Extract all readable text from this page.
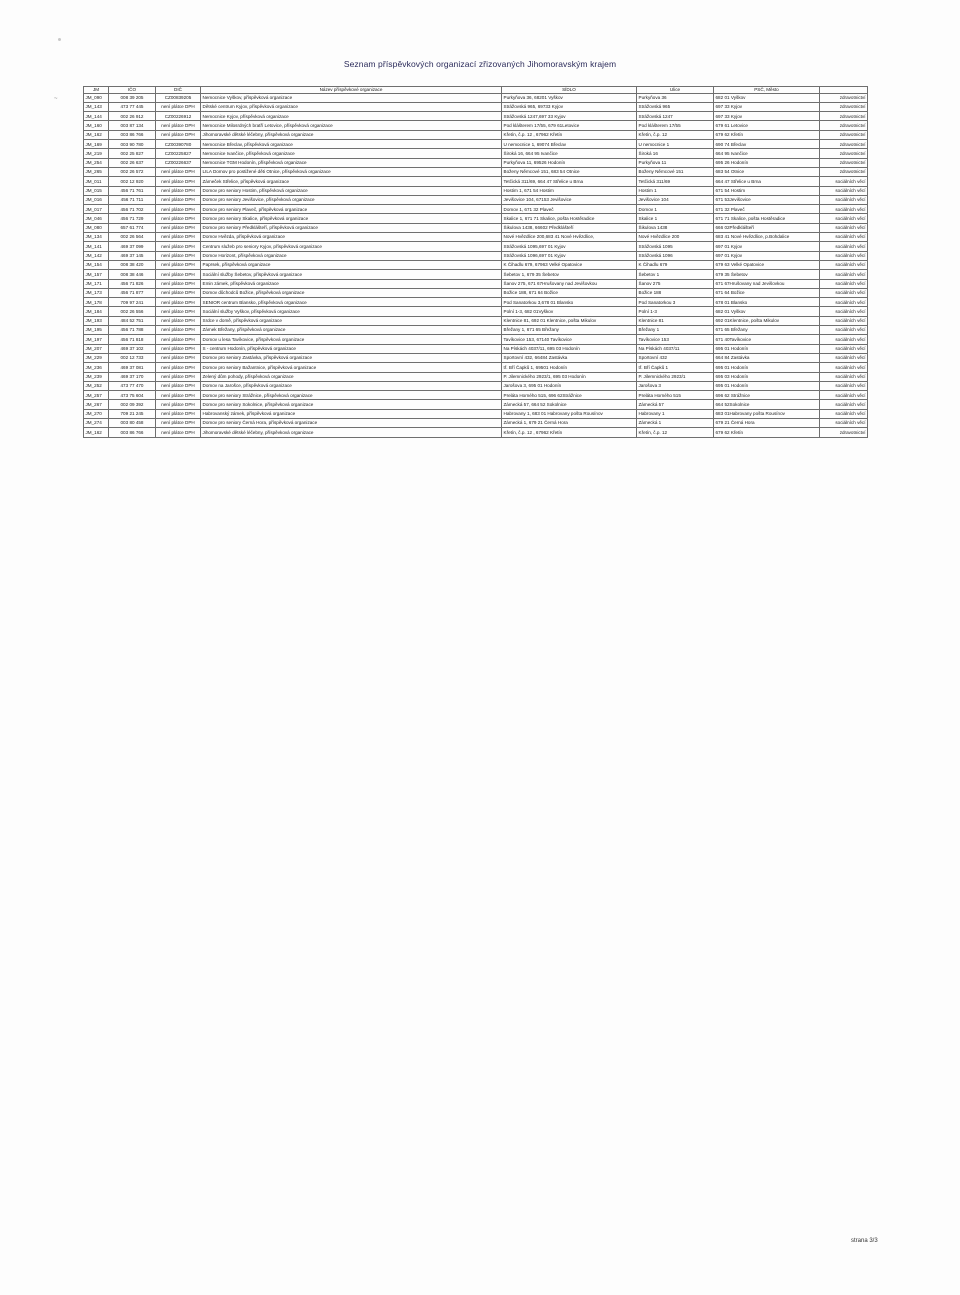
~
Seznam příspěvkových organizací zřizovaných Jihomoravským krajem
JM	IČO	DIČ	Název příspěvkové organizace	SÍDLO	Ulice	PSČ, Město	
JM_090	008 39 205	CZ00839205	Nemocnice Vyškov, příspěvková organizace	Purkyňova 36, 68201 Vyškov	Purkyňova 36	682 01 Vyškov	zdravotnictví
JM_143	473 77 445	není plátce DPH	Dětské centrum Kyjov, příspěvková organizace	Strážovská 965, 69733 Kyjov	Strážovská 965	697 33 Kyjov	zdravotnictví
JM_144	002 26 912	CZ00226912	Nemocnice Kyjov, příspěvková organizace	Strážovská 1247,697 33 Kyjov	Strážovská 1247	697 33 Kyjov	zdravotnictví
JM_160	003 87 134	není plátce DPH	Nemocnice Milosrdných bratří Letovice, příspěvková organizace	Pod klášterem 17/55, 679 61Letovice	Pod klášterem 17/55	679 61 Letovice	zdravotnictví
JM_162	003 86 766	není plátce DPH	Jihomoravské dětské léčebny, příspěvková organizace	Křetín, č.p. 12 , 67962 Křetín	Křetín, č.p. 12	679 62 Křetín	zdravotnictví
JM_169	003 90 780	CZ00390780	Nemocnice Břeclav, příspěvková organizace	U nemocnice 1, 69074 Břeclav	U nemocnice 1	690 74 Břeclav	zdravotnictví
JM_219	002 25 827	CZ00225827	Nemocnice Ivančice, příspěvková organizace	Široká 16, 664 95 Ivančice	Široká 16	664 95 Ivančice	zdravotnictví
JM_254	002 26 637	CZ00226637	Nemocnice TGM Hodonín, příspěvková organizace	Purkyňova 11, 69526 Hodonín	Purkyňova 11	695 26 Hodonín	zdravotnictví
JM_265	002 26 572	není plátce DPH	LILA Domov pro postižené děti Otnice, příspěvková organizace	Boženy Němcové 151, 683 54 Otnice	Boženy Němcové 151	683 54 Otnice	zdravotnictví
JM_011	002 12 920	není plátce DPH	Zámeček Střelice, příspěvková organizace	Tetčická 311/69, 664 47 Střelice u Brna	Tetčická 311/69	664 47 Střelice u Brna	sociálních věcí
JM_015	456 71 761	není plátce DPH	Domov pro seniory Hostim, příspěvková organizace	Hostim 1, 671 54 Hostim	Hostim 1	671 54 Hostim	sociálních věcí
JM_016	456 71 711	není plátce DPH	Domov pro seniory Jevišovice, příspěvková organizace	Jevišovice 104, 67153 Jevišovice	Jevišovice 104	671 53Jevišovice	sociálních věcí
JM_017	456 71 702	není plátce DPH	Domov pro seniory Plaveč, příspěvková organizace	Domov 1, 671 32 Plaveč	Domov 1	671 32 Plaveč	sociálních věcí
JM_046	456 71 729	není plátce DPH	Domov pro seniory Skalice, příspěvková organizace	Skalice 1, 671 71 Skalice, pošta Hostěradice	Skalice 1	671 71 Skalice, pošta Hostěradice	sociálních věcí
JM_080	657 61 774	není plátce DPH	Domov pro seniory Předklášteří, příspěvková organizace	Šikulova 1438, 66602 Předklášteří	Šikulova 1438	666 02Předklášteří	sociálních věcí
JM_134	002 26 564	není plátce DPH	Domov Hvězda, příspěvková organizace	Nové Hvězdlice 200,683 41 Nové Hvězdlice,	Nové Hvězdlice 200	683 41 Nové Hvězdlice, p.Bohdalice	sociálních věcí
JM_141	469 37 099	není plátce DPH	Centrum služeb pro seniory Kyjov, příspěvková organizace	Strážovská 1095,697 01 Kyjov	Strážovská 1095	697 01 Kyjov	sociálních věcí
JM_142	469 37 145	není plátce DPH	Domov Horizont, příspěvková organizace	Strážovská 1096,697 01 Kyjov	Strážovská 1096	697 01 Kyjov	sociálních věcí
JM_154	008 38 420	není plátce DPH	Paprsek, příspěvková organizace	K Čihadlu 679, 67963 Velké Opatovice	K Čihadlu 679	679 63 Velké Opatovice	sociálních věcí
JM_157	008 38 446	není plátce DPH	Sociální služby Šebetov, příspěvková organizace	Šebetov 1, 679 35 Šebetov	Šebetov 1	679 35 Šebetov	sociálních věcí
JM_171	456 71 826	není plátce DPH	Emin zámek, příspěvková organizace	Šanov 275, 671 67Hrušovany nad Jevišovkou	Šanov 275	671 67Hrušovany nad Jevišovkou	sociálních věcí
JM_173	456 71 877	není plátce DPH	Domov důchodců Božice, příspěvková organizace	Božice 188, 671 64 Božice	Božice 188	671 64 Božice	sociálních věcí
JM_178	709 97 241	není plátce DPH	SENIOR centrum Blansko, příspěvková organizace	Pod Sanatorkou 3,678 01 Blansko	Pod Sanatorkou 3	678 01 Blansko	sociálních věcí
JM_184	002 26 556	není plátce DPH	Sociální služby Vyškov, příspěvková organizace	Polní 1-3, 682 01Vyškov	Polní 1-3	682 01 Vyškov	sociálních věcí
JM_193	484 52 751	není plátce DPH	Srdce v domě, příspěvková organizace	Klentnice 81, 692 01 Klentnice, pošta Mikulov	Klentnice 81	692 01Klentnice, pošta Mikulov	sociálních věcí
JM_195	456 71 788	není plátce DPH	Zámek Břežany, příspěvková organizace	Břežany 1, 671 65 Břežany	Břežany 1	671 65 Břežany	sociálních věcí
JM_197	456 71 818	není plátce DPH	Domov u lesa Tavíkovice, příspěvková organizace	Tavíkovice 153, 67140 Tavíkovice	Tavíkovice 153	671 40Tavíkovice	sociálních věcí
JM_207	469 37 102	není plátce DPH	S - centrum Hodonín, příspěvková organizace	Na Pískách 4037/11, 695 03 Hodonín	Na Pískách 4037/11	695 01 Hodonín	sociálních věcí
JM_229	002 12 733	není plátce DPH	Domov pro seniory Zastávka, příspěvková organizace	Sportovní 432, 66484 Zastávka	Sportovní 432	664 84 Zastávka	sociálních věcí
JM_236	469 37 081	není plátce DPH	Domov pro seniory Bažantnice, příspěvková organizace	tř. Bří Čapků 1, 69501 Hodonín	tř. Bří Čapků 1	695 01 Hodonín	sociálních věcí
JM_239	469 37 170	není plátce DPH	Zelený dům pohody, příspěvková organizace	P. Jilemnického 2923/1, 695 03 Hodonín	P. Jilemnického 2923/1	695 03 Hodonín	sociálních věcí
JM_252	473 77 470	není plátce DPH	Domov na Jarošce, příspěvková organizace	Jarošova 3, 695 01 Hodonín	Jarošova 3	695 01 Hodonín	sociálních věcí
JM_257	473 75 604	není plátce DPH	Domov pro seniory Strážnice, příspěvková organizace	Preláta Horného 515, 696 62Strážnice	Preláta Horného 515	696 62 Strážnice	sociálních věcí
JM_267	002 09 392	není plátce DPH	Domov pro seniory Sokolnice, příspěvková organizace	Zámecká 57, 664 52 Sokolnice	Zámecká 57	664 52Sokolnice	sociálních věcí
JM_270	709 21 245	není plátce DPH	Habrovanský zámek, příspěvková organizace	Habrovany 1, 683 01 Habrovany pošta Rousínov	Habrovany 1	683 01Habrovany pošta Rousínov	sociálních věcí
JM_274	003 80 458	není plátce DPH	Domov pro seniory Černá Hora, příspěvková organizace	Zámecká 1, 679 21 Černá Hora	Zámecká 1	679 21 Černá Hora	sociálních věcí
JM_162	003 86 766	není plátce DPH	Jihomoravské dětské léčebny, příspěvková organizace	Křetín, č.p. 12 , 67962 Křetín	Křetín, č.p. 12	679 62 Křetín	zdravotnictví
strana 3/3
